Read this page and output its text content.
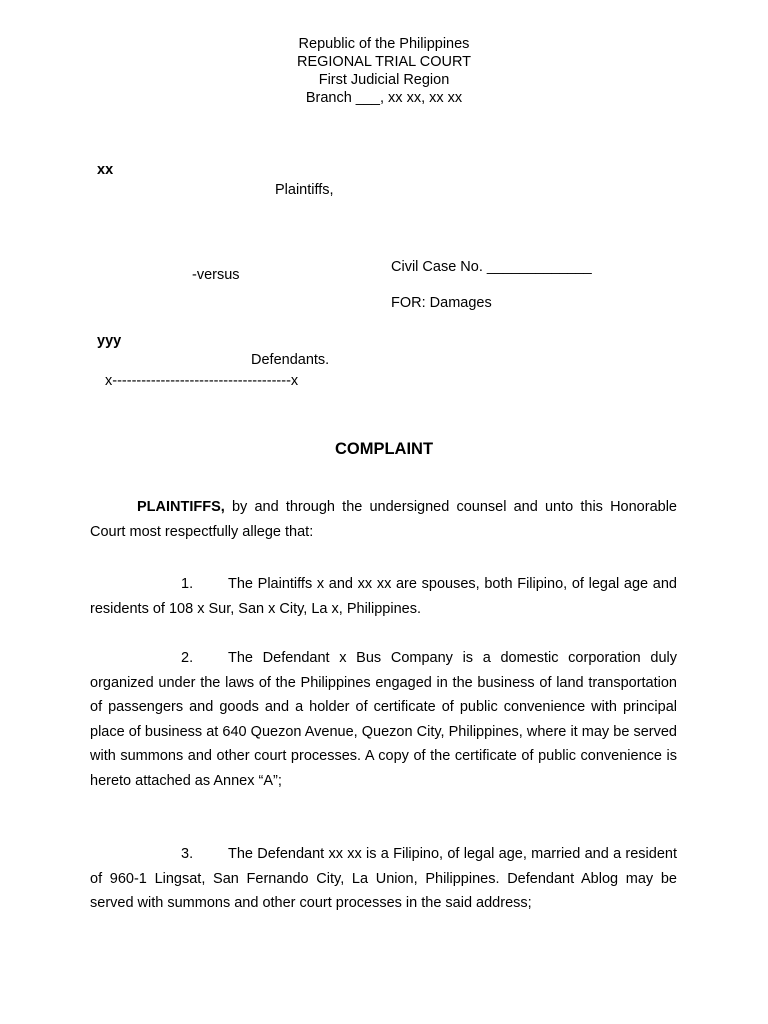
Republic of the Philippines
REGIONAL TRIAL COURT
First Judicial Region
Branch ___, xx xx, xx xx
xx
Plaintiffs,
-versus	Civil Case No. _____________
FOR: Damages
yyy
Defendants.
x-------------------------------------x
COMPLAINT
PLAINTIFFS, by and through the undersigned counsel and unto this Honorable Court most respectfully allege that:
1. The Plaintiffs x and xx xx are spouses, both Filipino, of legal age and residents of 108 x Sur, San x City, La x, Philippines.
2. The Defendant x Bus Company is a domestic corporation duly organized under the laws of the Philippines engaged in the business of land transportation of passengers and goods and a holder of certificate of public convenience with principal place of business at 640 Quezon Avenue, Quezon City, Philippines, where it may be served with summons and other court processes. A copy of the certificate of public convenience is hereto attached as Annex “A”;
3. The Defendant xx xx is a Filipino, of legal age, married and a resident of 960-1 Lingsat, San Fernando City, La Union, Philippines. Defendant Ablog may be served with summons and other court processes in the said address;
